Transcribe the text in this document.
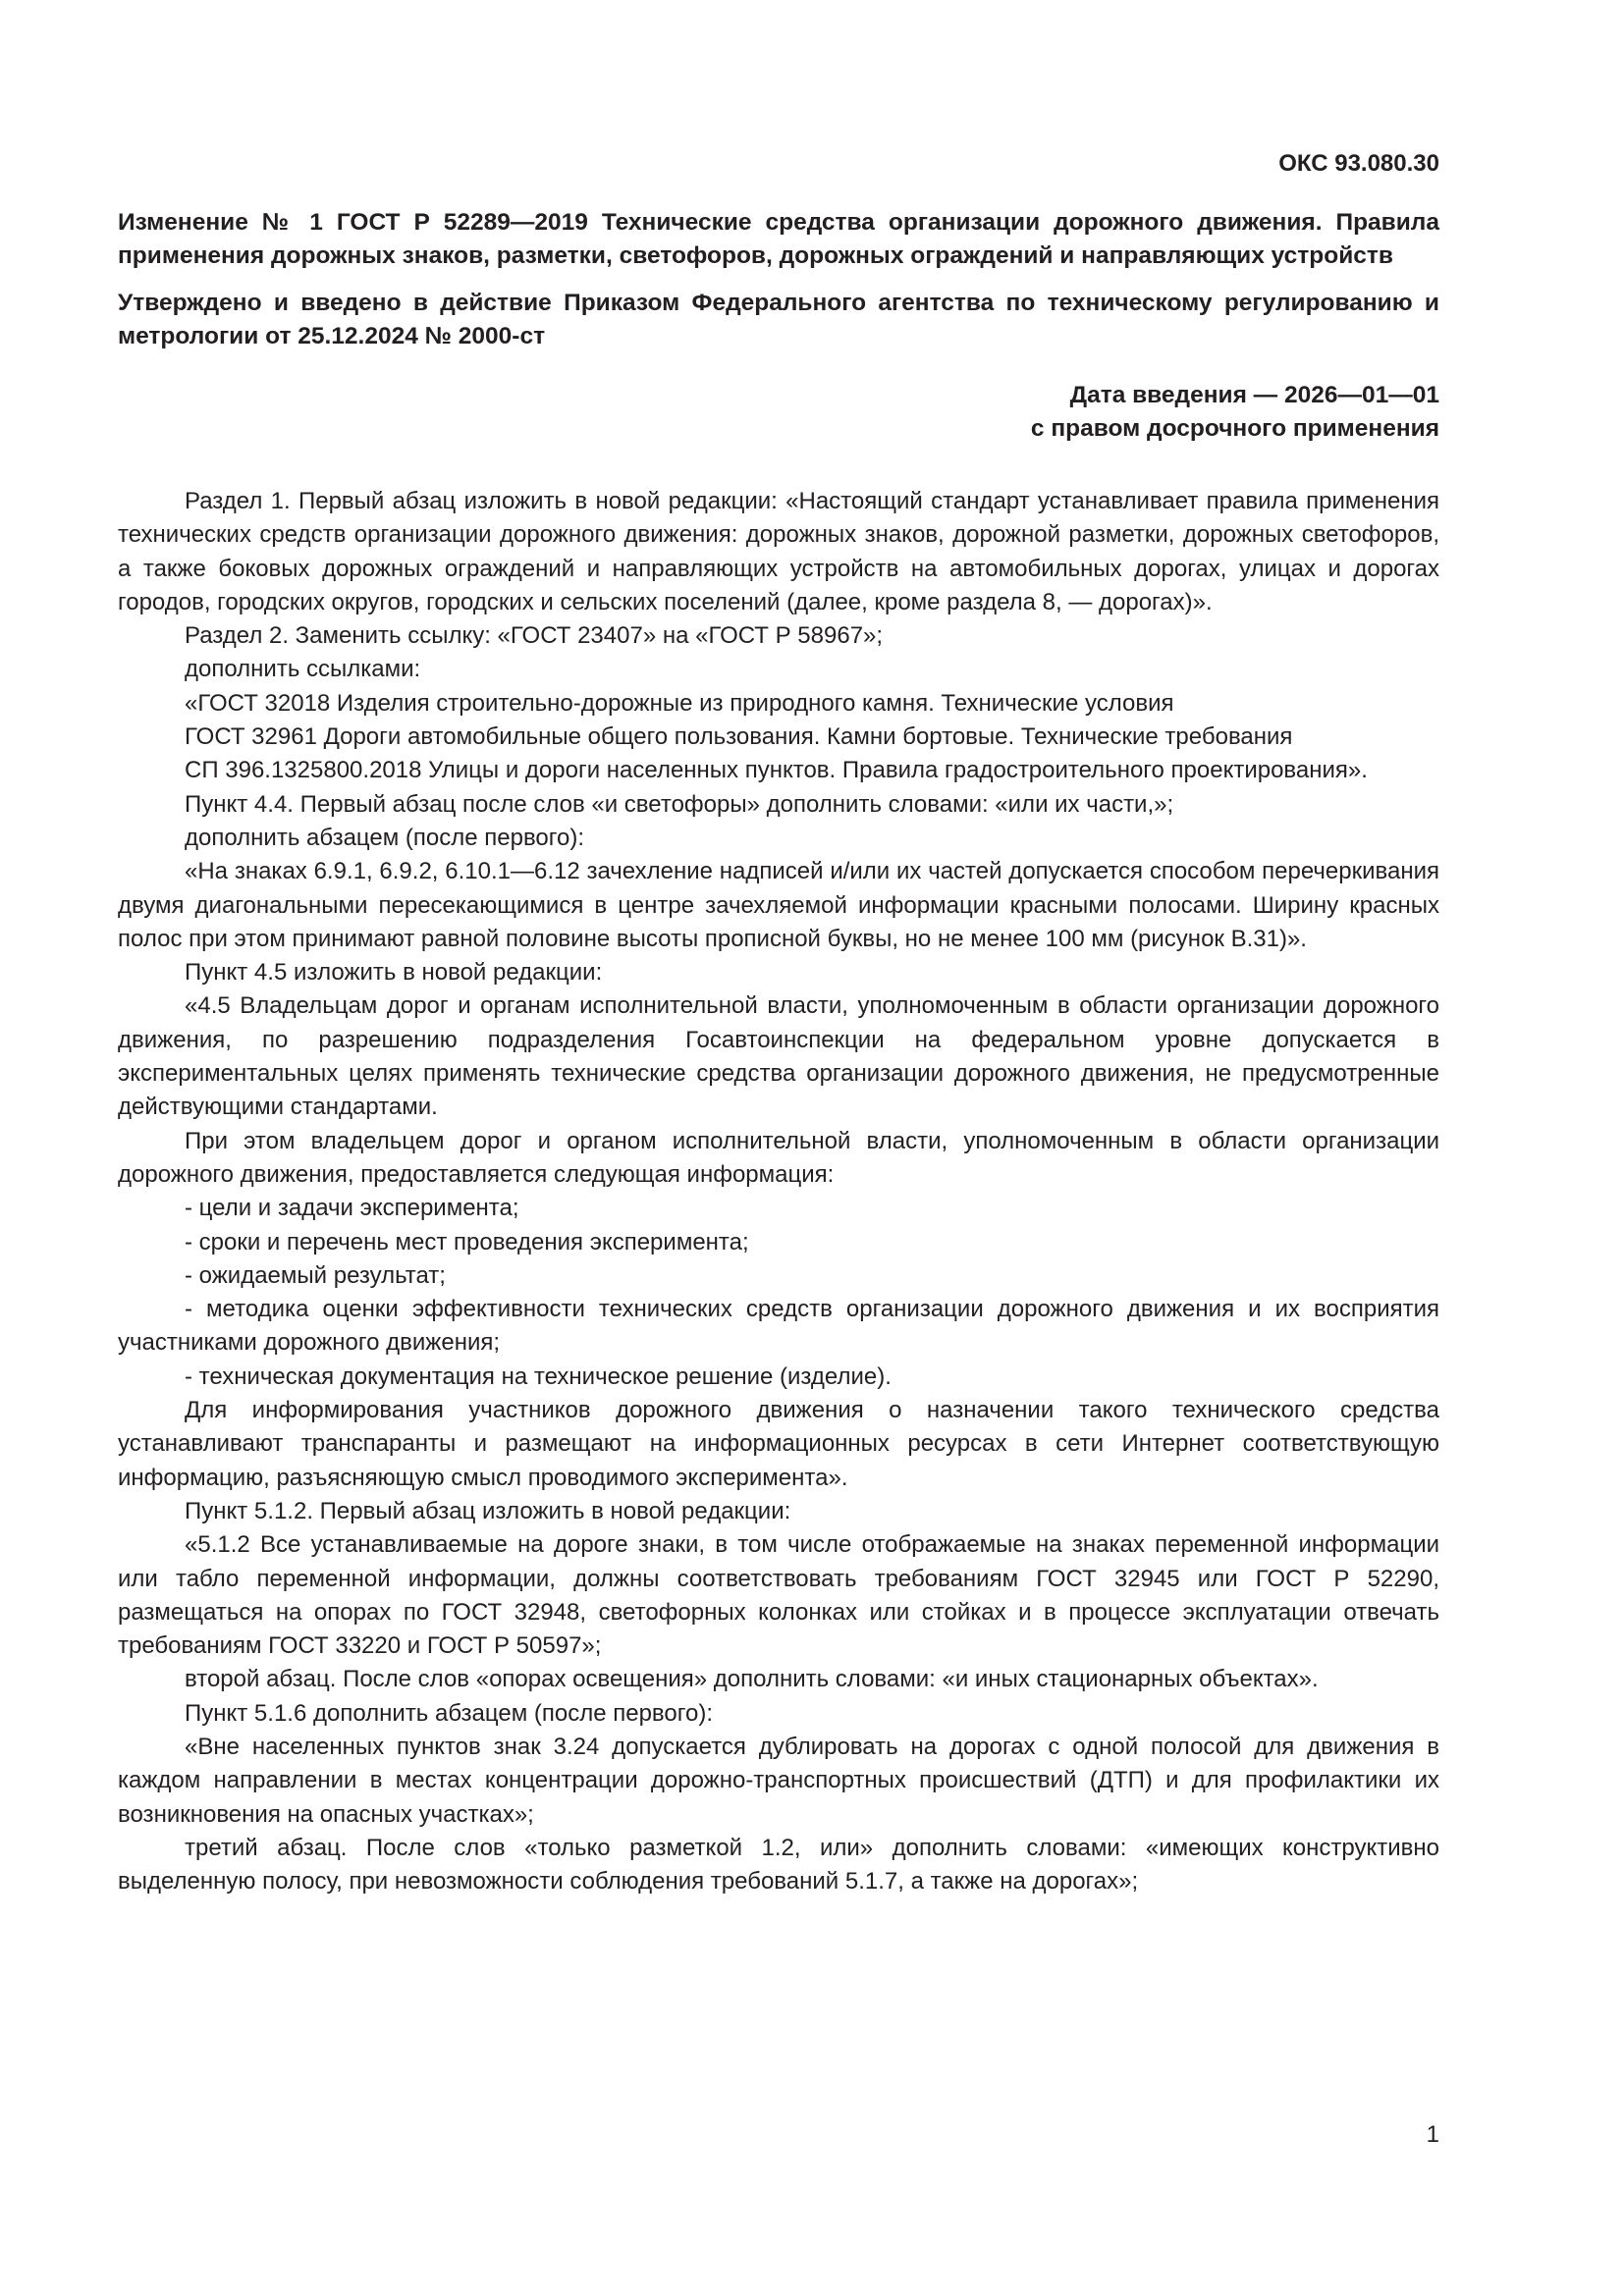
ОКС 93.080.30
Изменение № 1 ГОСТ Р 52289—2019 Технические средства организации дорожного движения. Правила применения дорожных знаков, разметки, светофоров, дорожных ограждений и направляющих устройств
Утверждено и введено в действие Приказом Федерального агентства по техническому регулированию и метрологии от 25.12.2024 № 2000-ст
Дата введения — 2026—01—01
с правом досрочного применения

Раздел 1. Первый абзац изложить в новой редакции: «Настоящий стандарт устанавливает правила применения технических средств организации дорожного движения: дорожных знаков, дорожной разметки, дорожных светофоров, а также боковых дорожных ограждений и направляющих устройств на автомобильных дорогах, улицах и дорогах городов, городских округов, городских и сельских поселений (далее, кроме раздела 8, — дорогах)».

Раздел 2. Заменить ссылку: «ГОСТ 23407» на «ГОСТ Р 58967»;

дополнить ссылками:

«ГОСТ 32018 Изделия строительно-дорожные из природного камня. Технические условия

ГОСТ 32961 Дороги автомобильные общего пользования. Камни бортовые. Технические требования

СП 396.1325800.2018 Улицы и дороги населенных пунктов. Правила градостроительного проектирования».

Пункт 4.4. Первый абзац после слов «и светофоры» дополнить словами: «или их части,»;

дополнить абзацем (после первого):

«На знаках 6.9.1, 6.9.2, 6.10.1—6.12 зачехление надписей и/или их частей допускается способом перечеркивания двумя диагональными пересекающимися в центре зачехляемой информации красными полосами. Ширину красных полос при этом принимают равной половине высоты прописной буквы, но не менее 100 мм (рисунок В.31)».

Пункт 4.5 изложить в новой редакции:

«4.5 Владельцам дорог и органам исполнительной власти, уполномоченным в области организации дорожного движения, по разрешению подразделения Госавтоинспекции на федеральном уровне допускается в экспериментальных целях применять технические средства организации дорожного движения, не предусмотренные действующими стандартами.

При этом владельцем дорог и органом исполнительной власти, уполномоченным в области организации дорожного движения, предоставляется следующая информация:

- цели и задачи эксперимента;

- сроки и перечень мест проведения эксперимента;

- ожидаемый результат;

- методика оценки эффективности технических средств организации дорожного движения и их восприятия участниками дорожного движения;

- техническая документация на техническое решение (изделие).

Для информирования участников дорожного движения о назначении такого технического средства устанавливают транспаранты и размещают на информационных ресурсах в сети Интернет соответствующую информацию, разъясняющую смысл проводимого эксперимента».

Пункт 5.1.2. Первый абзац изложить в новой редакции:

«5.1.2 Все устанавливаемые на дороге знаки, в том числе отображаемые на знаках переменной информации или табло переменной информации, должны соответствовать требованиям ГОСТ 32945 или ГОСТ Р 52290, размещаться на опорах по ГОСТ 32948, светофорных колонках или стойках и в процессе эксплуатации отвечать требованиям ГОСТ 33220 и ГОСТ Р 50597»;

второй абзац. После слов «опорах освещения» дополнить словами: «и иных стационарных объектах».

Пункт 5.1.6 дополнить абзацем (после первого):

«Вне населенных пунктов знак 3.24 допускается дублировать на дорогах с одной полосой для движения в каждом направлении в местах концентрации дорожно-транспортных происшествий (ДТП) и для профилактики их возникновения на опасных участках»;

третий абзац. После слов «только разметкой 1.2, или» дополнить словами: «имеющих конструктивно выделенную полосу, при невозможности соблюдения требований 5.1.7, а также на дорогах»;

1
